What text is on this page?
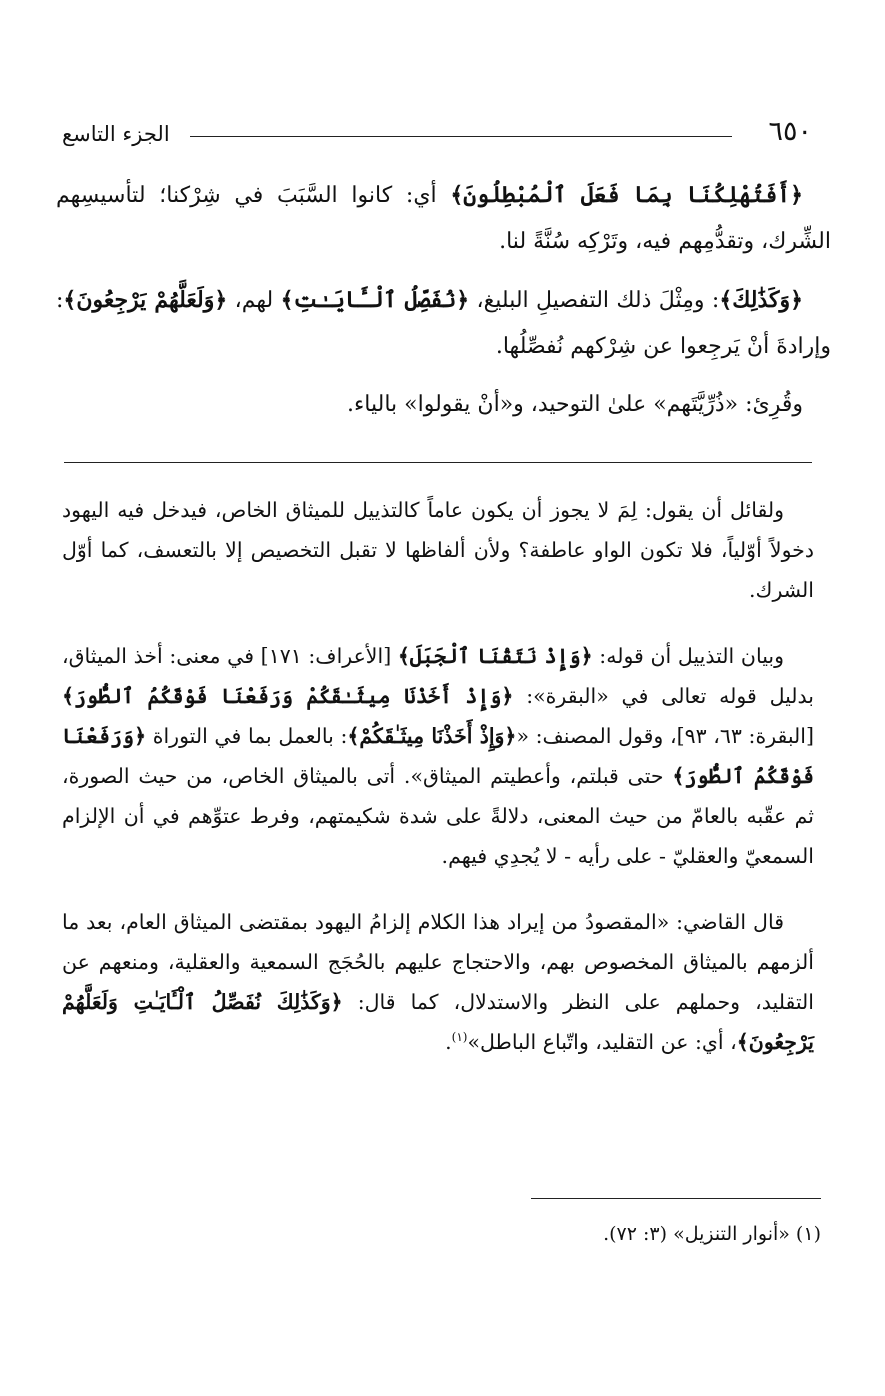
٦٥٠
الجزء التاسع

﴿أَفَتُهْلِكُنَا بِمَا فَعَلَ ٱلْمُبْطِلُونَ﴾ أي: كانوا السَّبَبَ في شِرْكنا؛ لتأسيسِهم الشِّرك، وتقدُّمِهم فيه، وتَرْكِه سُنَّةً لنا.

﴿وَكَذَٰلِكَ﴾: ومِثْلَ ذلك التفصيلِ البليغ، ﴿نُفَصِّلُ ٱلْـَٔايَـٰتِ﴾ لهم، ﴿وَلَعَلَّهُمْ يَرْجِعُونَ﴾: وإرادةَ أنْ يَرجِعوا عن شِرْكهم نُفصِّلُها.

وقُرِئ: «ذُرِّيَّتَهم» علىٰ التوحيد، و«أنْ يقولوا» بالياء.

ولقائل أن يقول: لِمَ لا يجوز أن يكون عاماً كالتذييل للميثاق الخاص، فيدخل فيه اليهود دخولاً أوّلياً، فلا تكون الواو عاطفة؟ ولأن ألفاظها لا تقبل التخصيص إلا بالتعسف، كما أوّل الشرك.

وبيان التذييل أن قوله: ﴿وَإِذْ نَتَقْنَا ٱلْجَبَلَ﴾ [الأعراف: ١٧١] في معنى: أخذ الميثاق، بدليل قوله تعالى في «البقرة»: ﴿وَإِذْ أَخَذْنَا مِيثَـٰقَكُمْ وَرَفَعْنَا فَوْقَكُمُ ٱلطُّورَ﴾ [البقرة: ٦٣، ٩٣]، وقول المصنف: «﴿وَإِذْ أَخَذْنَا مِيثَـٰقَكُمْ﴾: بالعمل بما في التوراة ﴿وَرَفَعْنَا فَوْقَكُمُ ٱلطُّورَ﴾ حتى قبلتم، وأعطيتم الميثاق». أتى بالميثاق الخاص، من حيث الصورة، ثم عقّبه بالعامّ من حيث المعنى، دلالةً على شدة شكيمتهم، وفرط عتوِّهم في أن الإلزام السمعيّ والعقليّ - على رأيه - لا يُجدِي فيهم.

قال القاضي: «المقصودُ من إيراد هذا الكلام إلزامُ اليهود بمقتضى الميثاق العام، بعد ما ألزمهم بالميثاق المخصوص بهم، والاحتجاج عليهم بالحُجَج السمعية والعقلية، ومنعهم عن التقليد، وحملهم على النظر والاستدلال، كما قال: ﴿وَكَذَٰلِكَ نُفَصِّلُ ٱلْـَٔايَـٰتِ وَلَعَلَّهُمْ يَرْجِعُونَ﴾، أي: عن التقليد، واتّباع الباطل»$^{(١)}$.

(١) «أنوار التنزيل» (٣: ٧٢).
